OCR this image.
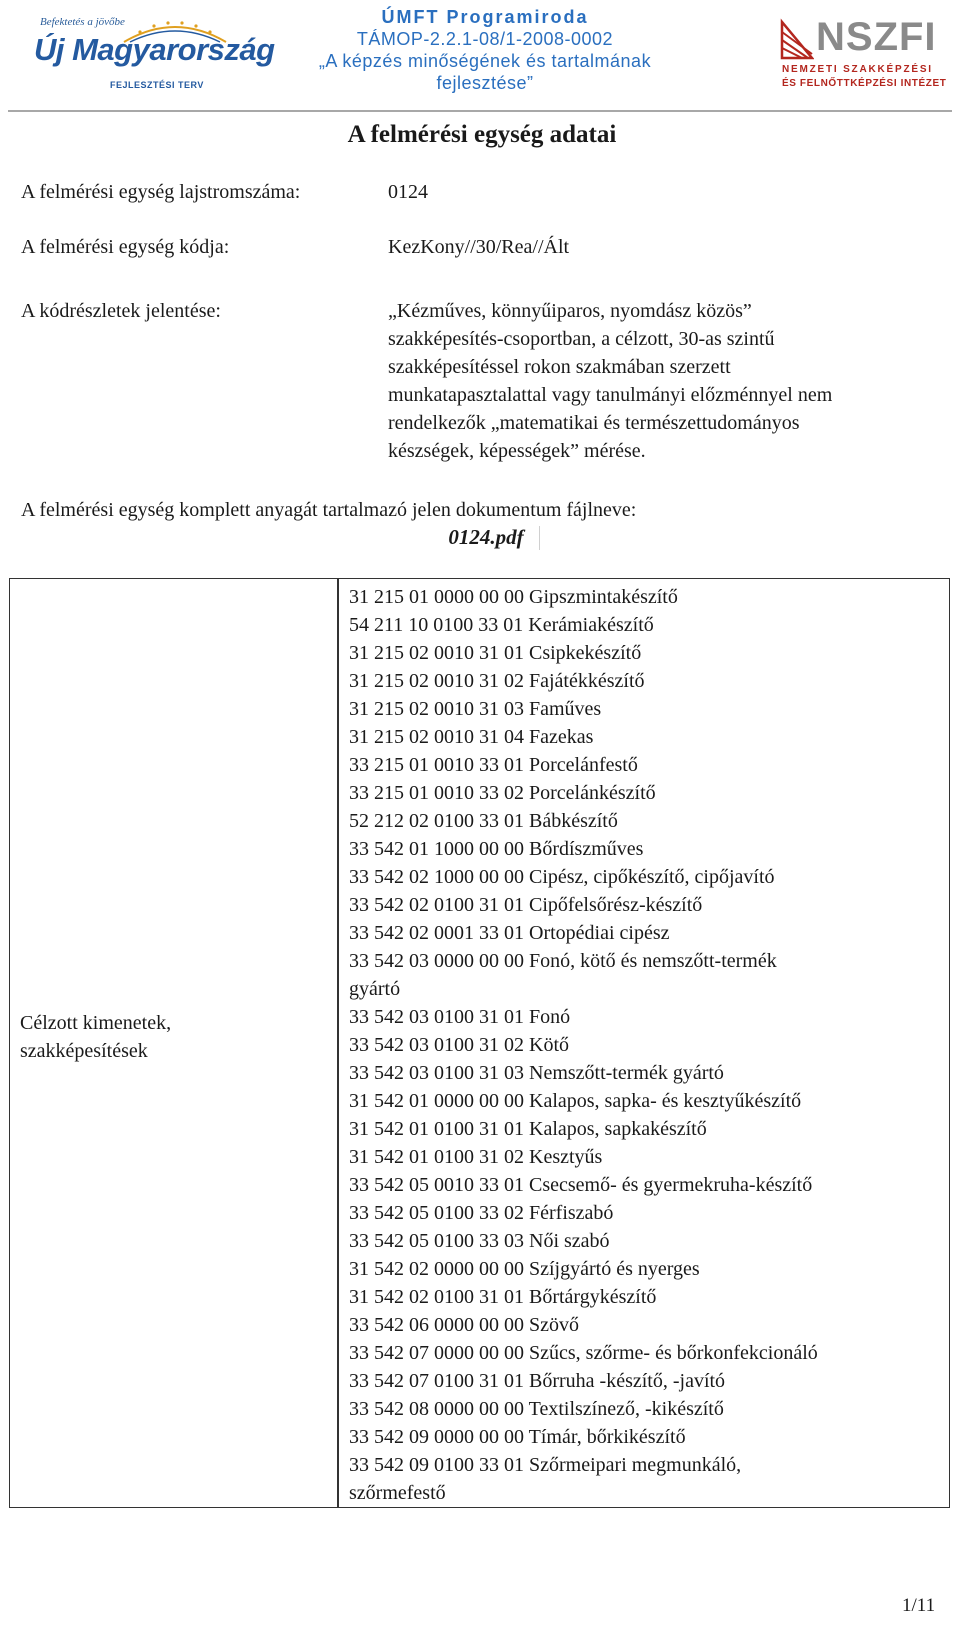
Befektetés a jövőbe
Új Magyarország
FEJLESZTÉSI TERV
ÚMFT Programiroda
TÁMOP-2.2.1-08/1-2008-0002
„A képzés minőségének és tartalmának
fejlesztése”
NSZFI
NEMZETI SZAKKÉPZÉSI
ÉS FELNŐTTKÉPZÉSI INTÉZET
A felmérési egység adatai
A felmérési egység lajstromszáma:	0124
A felmérési egység kódja:	KezKony//30/Rea//Ált
A kódrészletek jelentése:	„Kézműves, könnyűiparos, nyomdász közös”
szakképesítés-csoportban, a célzott, 30-as szintű
szakképesítéssel rokon szakmában szerzett
munkatapasztalattal vagy tanulmányi előzménnyel nem
rendelkezők „matematikai és természettudományos
készségek, képességek” mérése.
A felmérési egység komplett anyagát tartalmazó jelen dokumentum fájlneve:
0124.pdf
Célzott kimenetek,
szakképesítések
31 215 01 0000 00 00 Gipszmintakészítő
54 211 10 0100 33 01 Kerámiakészítő
31 215 02 0010 31 01 Csipkekészítő
31 215 02 0010 31 02 Fajátékkészítő
31 215 02 0010 31 03 Faműves
31 215 02 0010 31 04 Fazekas
33 215 01 0010 33 01 Porcelánfestő
33 215 01 0010 33 02 Porcelánkészítő
52 212 02 0100 33 01 Bábkészítő
33 542 01 1000 00 00 Bőrdíszműves
33 542 02 1000 00 00 Cipész, cipőkészítő, cipőjavító
33 542 02 0100 31 01 Cipőfelsőrész-készítő
33 542 02 0001 33 01 Ortopédiai cipész
33 542 03 0000 00 00 Fonó, kötő és nemszőtt-termék
gyártó
33 542 03 0100 31 01 Fonó
33 542 03 0100 31 02 Kötő
33 542 03 0100 31 03 Nemszőtt-termék gyártó
31 542 01 0000 00 00 Kalapos, sapka- és kesztyűkészítő
31 542 01 0100 31 01 Kalapos, sapkakészítő
31 542 01 0100 31 02 Kesztyűs
33 542 05 0010 33 01 Csecsemő- és gyermekruha-készítő
33 542 05 0100 33 02 Férfiszabó
33 542 05 0100 33 03 Női szabó
31 542 02 0000 00 00 Szíjgyártó és nyerges
31 542 02 0100 31 01 Bőrtárgykészítő
33 542 06 0000 00 00 Szövő
33 542 07 0000 00 00 Szűcs, szőrme- és bőrkonfekcionáló
33 542 07 0100 31 01 Bőrruha -készítő, -javító
33 542 08 0000 00 00 Textilszínező, -kikészítő
33 542 09 0000 00 00 Tímár, bőrkikészítő
33 542 09 0100 33 01 Szőrmeipari megmunkáló,
szőrmefestő
1/11
